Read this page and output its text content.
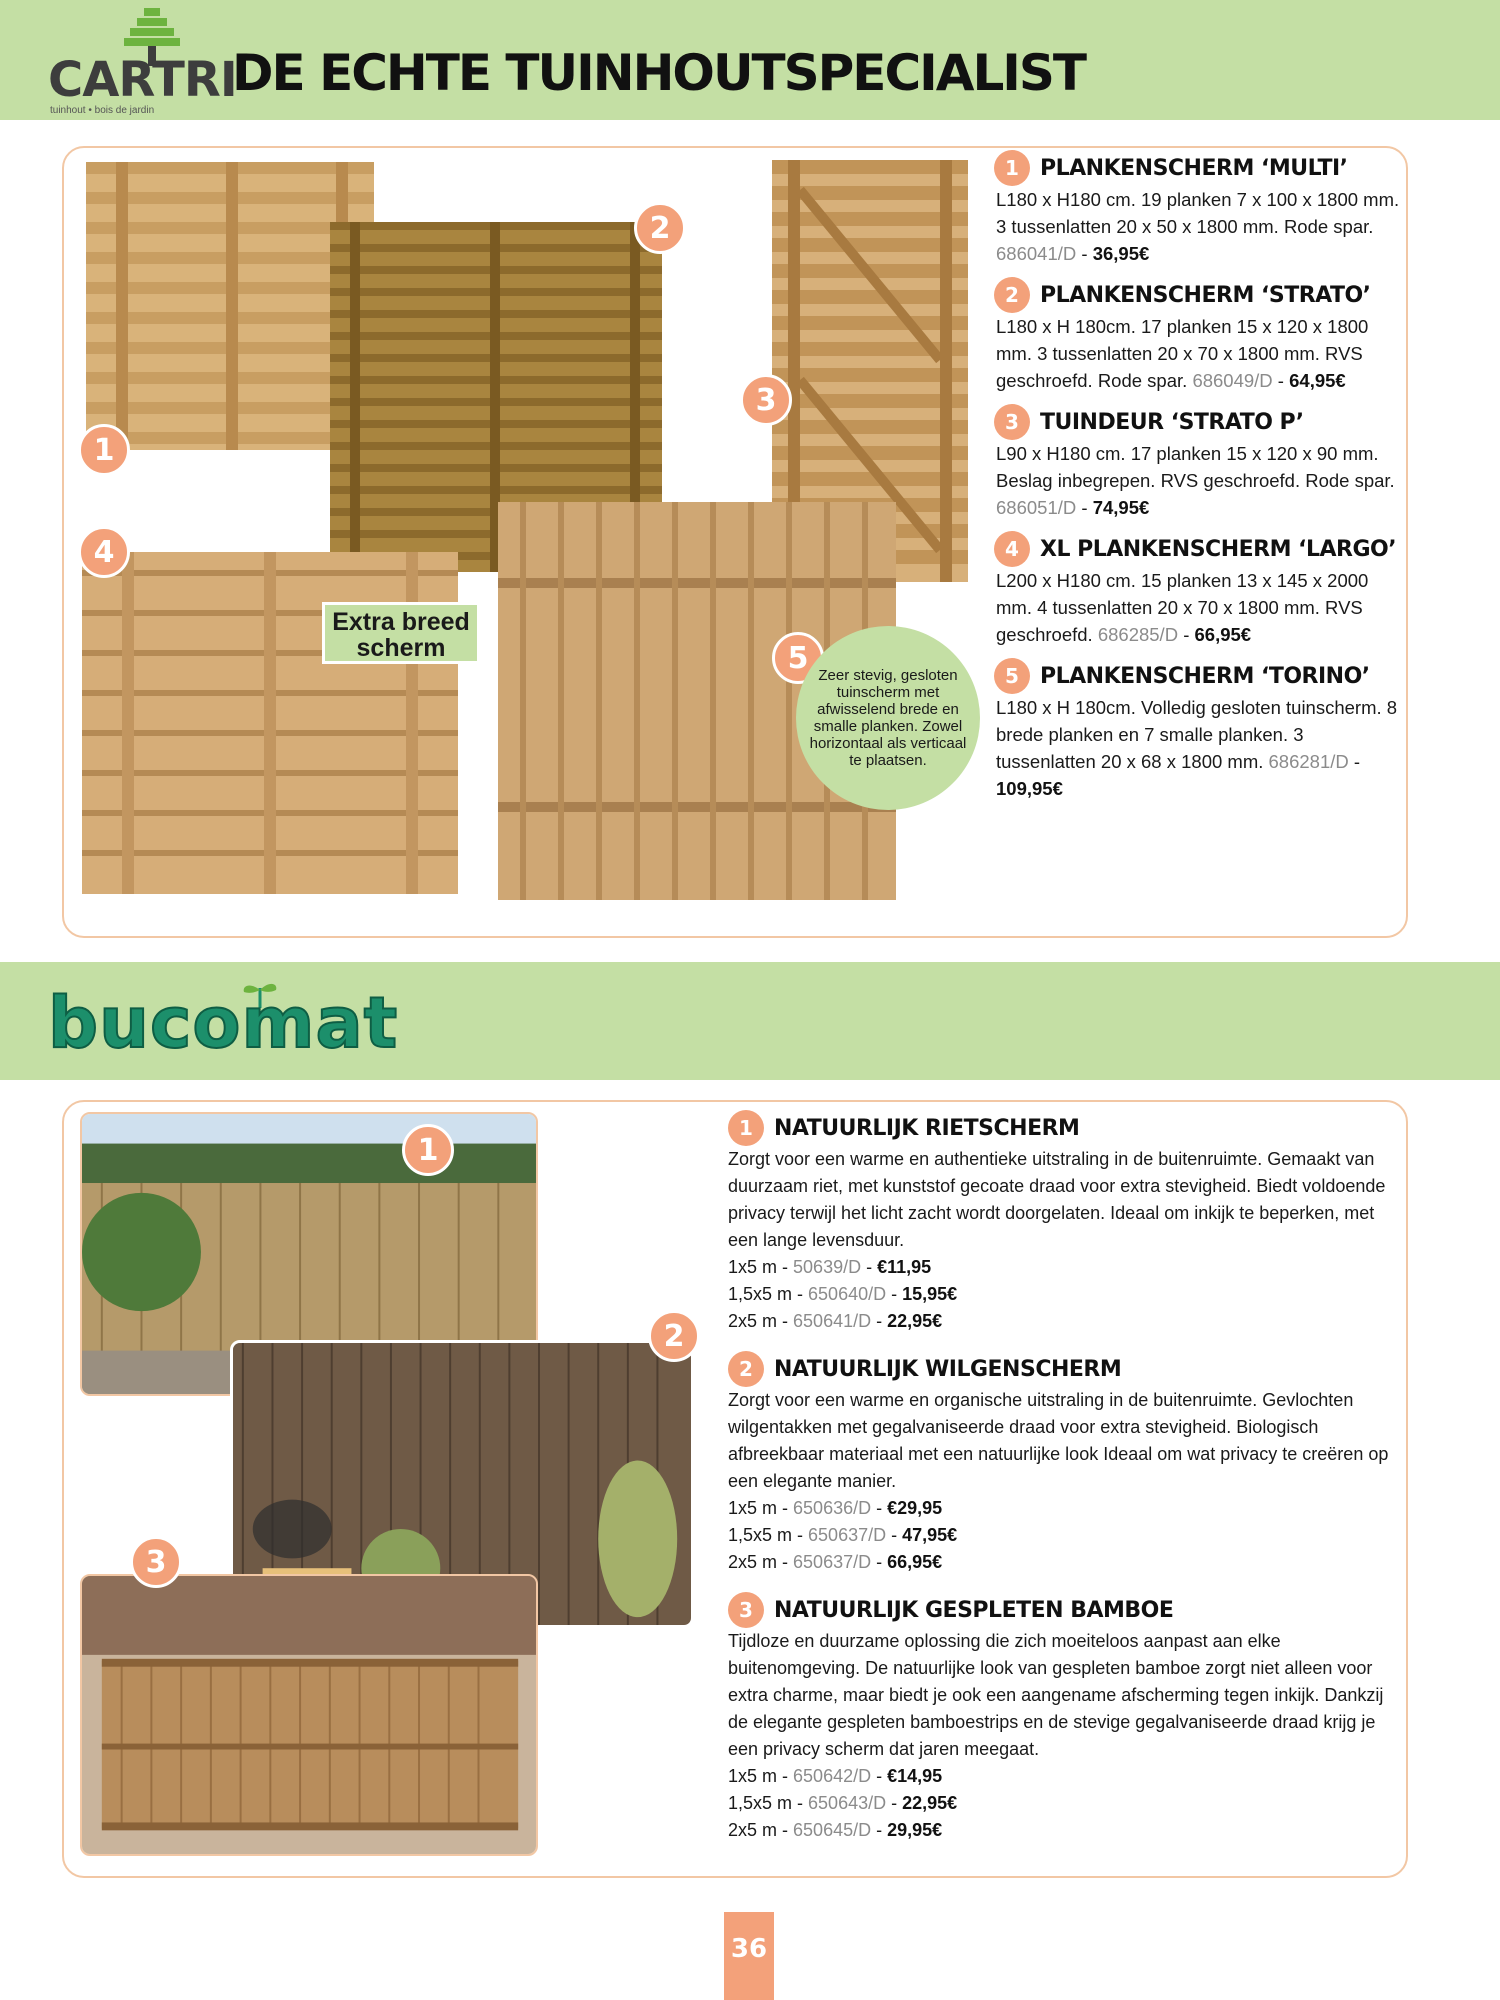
CARTRI
tuinhout • bois de jardin
DE ECHTE TUINHOUTSPECIALIST
1
2
3
4
5
Extra breed scherm
Zeer stevig, gesloten tuinscherm met afwisselend brede en smalle planken. Zowel horizontaal als verticaal te plaatsen.
1 PLANKENSCHERM ‘MULTI’
L180 x H180 cm. 19 planken 7 x 100 x 1800 mm. 3 tussenlatten 20 x 50 x 1800 mm. Rode spar. 686041/D - 36,95€
2 PLANKENSCHERM ‘STRATO’
L180 x H 180cm. 17 planken 15 x 120 x 1800 mm. 3 tussenlatten 20 x 70 x 1800 mm. RVS geschroefd. Rode spar. 686049/D - 64,95€
3 TUINDEUR ‘STRATO P’
L90 x H180 cm. 17 planken 15 x 120 x 90 mm. Beslag inbegrepen. RVS geschroefd. Rode spar. 686051/D - 74,95€
4 XL PLANKENSCHERM ‘LARGO’
L200 x H180 cm. 15 planken 13 x 145 x 2000 mm. 4 tussenlatten 20 x 70 x 1800 mm. RVS geschroefd. 686285/D - 66,95€
5 PLANKENSCHERM ‘TORINO’
L180 x H 180cm. Volledig gesloten tuinscherm. 8 brede planken en 7 smalle planken. 3 tussenlatten 20 x 68 x 1800 mm. 686281/D - 109,95€
bucomat
1
2
3
1 NATUURLIJK RIETSCHERM
Zorgt voor een warme en authentieke uitstraling in de buitenruimte. Gemaakt van duurzaam riet, met kunststof gecoate draad voor extra stevigheid. Biedt voldoende privacy terwijl het licht zacht wordt doorgelaten. Ideaal om inkijk te beperken, met een lange levensduur.
1x5 m - 50639/D - €11,95
1,5x5 m - 650640/D - 15,95€
2x5 m - 650641/D - 22,95€
2 NATUURLIJK WILGENSCHERM
Zorgt voor een warme en organische uitstraling in de buitenruimte. Gevlochten wilgentakken met gegalvaniseerde draad voor extra stevigheid. Biologisch afbreekbaar materiaal met een natuurlijke look Ideaal om wat privacy te creëren op een elegante manier.
1x5 m - 650636/D - €29,95
1,5x5 m - 650637/D - 47,95€
2x5 m - 650637/D - 66,95€
3 NATUURLIJK GESPLETEN BAMBOE
Tijdloze en duurzame oplossing die zich moeiteloos aanpast aan elke buitenomgeving. De natuurlijke look van gespleten bamboe zorgt niet alleen voor extra charme, maar biedt je ook een aangename afscherming tegen inkijk. Dankzij de elegante gespleten bamboestrips en de stevige gegalvaniseerde draad krijg je een privacy scherm dat jaren meegaat.
1x5 m - 650642/D - €14,95
1,5x5 m - 650643/D - 22,95€
2x5 m - 650645/D - 29,95€
36
